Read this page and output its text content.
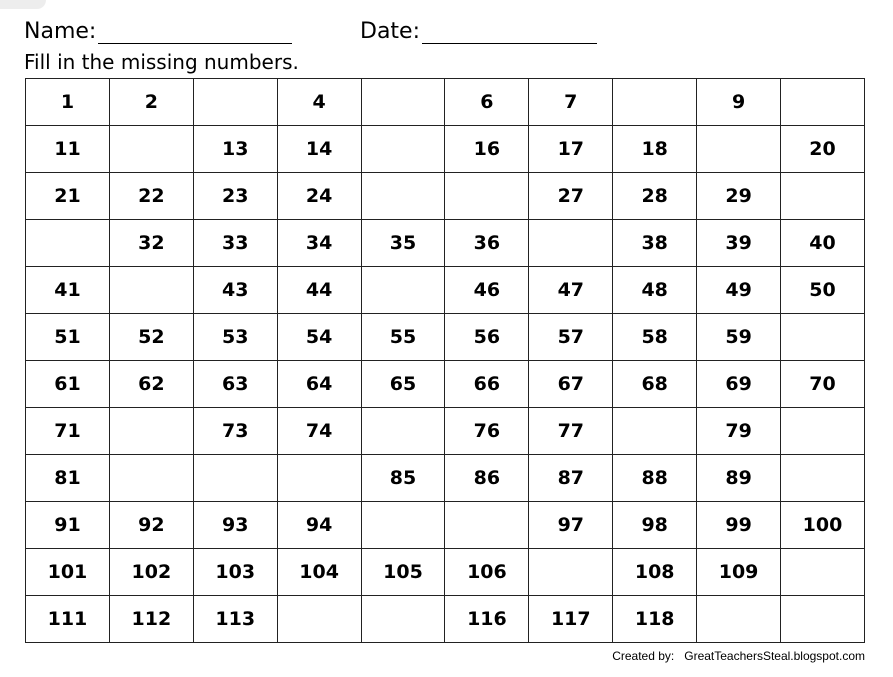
Name:	Date:
Fill in the missing numbers.
1	2		4		6	7		9	
11		13	14		16	17	18		20
21	22	23	24			27	28	29	
	32	33	34	35	36		38	39	40
41		43	44		46	47	48	49	50
51	52	53	54	55	56	57	58	59	
61	62	63	64	65	66	67	68	69	70
71		73	74		76	77		79	
81				85	86	87	88	89	
91	92	93	94			97	98	99	100
101	102	103	104	105	106		108	109	
111	112	113			116	117	118		
Created by: GreatTeachersSteal.blogspot.com
